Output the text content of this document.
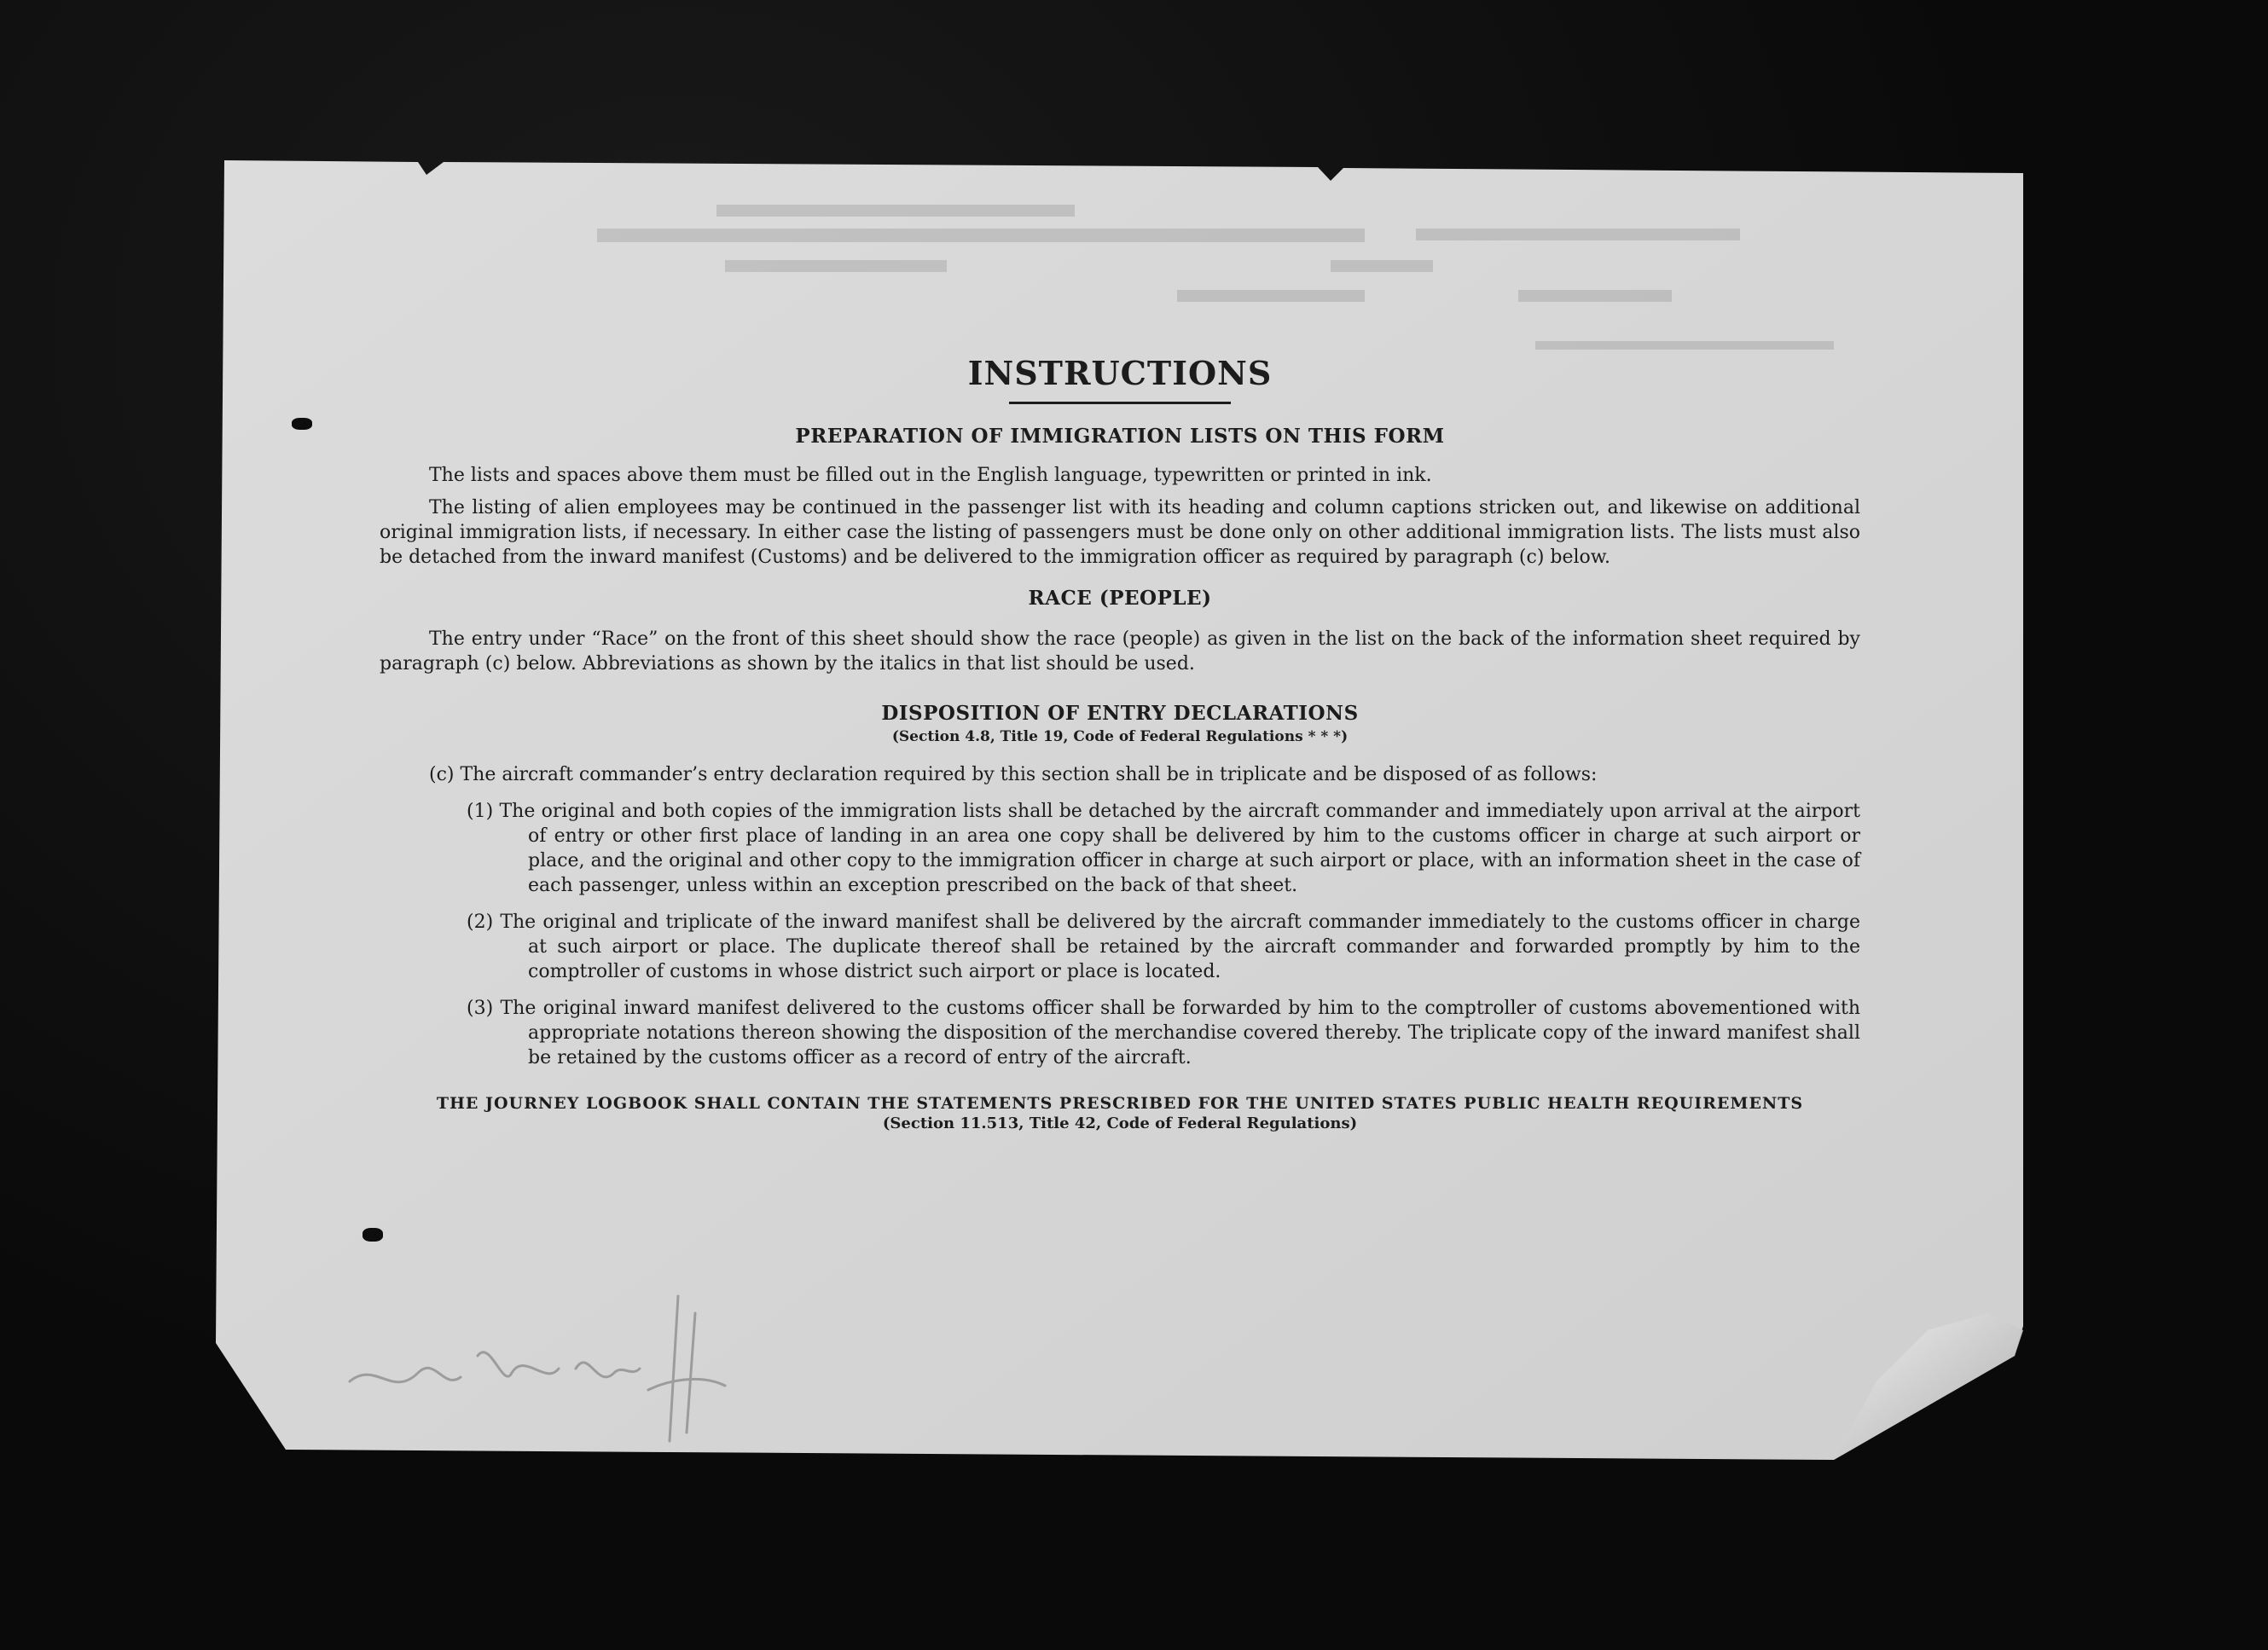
INSTRUCTIONS
PREPARATION OF IMMIGRATION LISTS ON THIS FORM

The lists and spaces above them must be filled out in the English language, typewritten or printed in ink.

The listing of alien employees may be continued in the passenger list with its heading and column captions stricken out, and likewise on additional original immigration lists, if necessary. In either case the listing of passengers must be done only on other additional immigration lists. The lists must also be detached from the inward manifest (Customs) and be delivered to the immigration officer as required by paragraph (c) below.

RACE (PEOPLE)

The entry under “Race” on the front of this sheet should show the race (people) as given in the list on the back of the information sheet required by paragraph (c) below. Abbreviations as shown by the italics in that list should be used.

DISPOSITION OF ENTRY DECLARATIONS
(Section 4.8, Title 19, Code of Federal Regulations * * *)

(c) The aircraft commander’s entry declaration required by this section shall be in triplicate and be disposed of as follows:

(1) The original and both copies of the immigration lists shall be detached by the aircraft commander and immediately upon arrival at the airport of entry or other first place of landing in an area one copy shall be delivered by him to the customs officer in charge at such airport or place, and the original and other copy to the immigration officer in charge at such airport or place, with an information sheet in the case of each passenger, unless within an exception prescribed on the back of that sheet.

(2) The original and triplicate of the inward manifest shall be delivered by the aircraft commander immediately to the customs officer in charge at such airport or place. The duplicate thereof shall be retained by the aircraft commander and forwarded promptly by him to the comptroller of customs in whose district such airport or place is located.

(3) The original inward manifest delivered to the customs officer shall be forwarded by him to the comptroller of customs abovementioned with appropriate notations thereon showing the disposition of the merchandise covered thereby. The triplicate copy of the inward manifest shall be retained by the customs officer as a record of entry of the aircraft.

THE JOURNEY LOGBOOK SHALL CONTAIN THE STATEMENTS PRESCRIBED FOR THE UNITED STATES PUBLIC HEALTH REQUIREMENTS
(Section 11.513, Title 42, Code of Federal Regulations)
